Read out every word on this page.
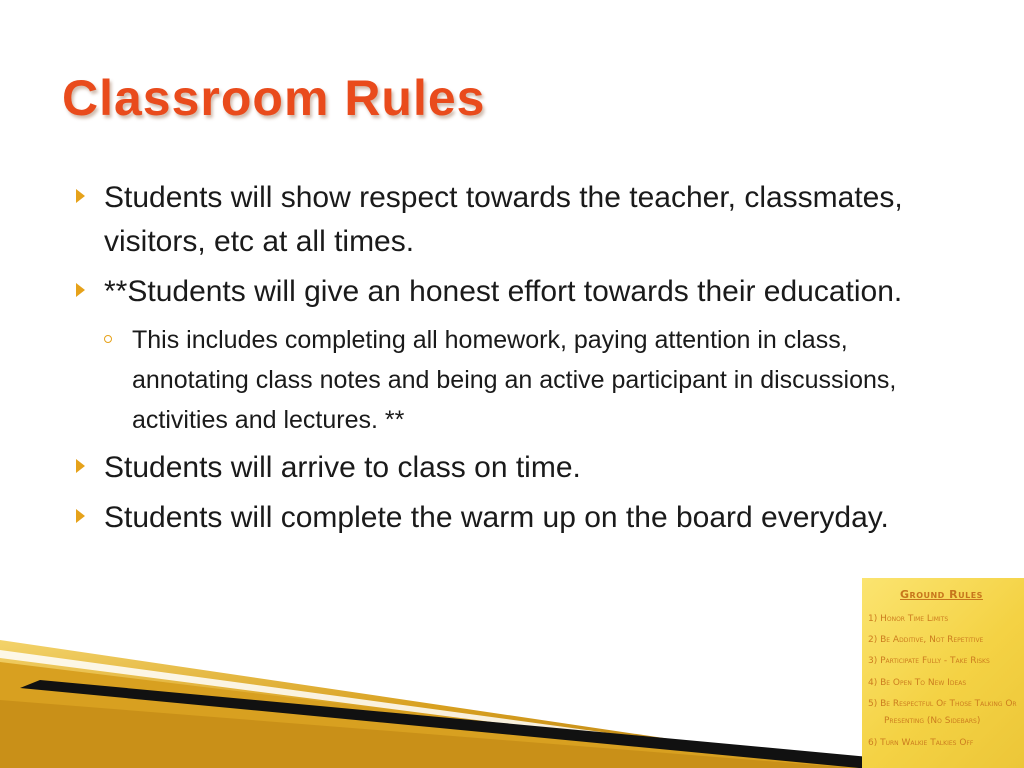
Classroom Rules
Students will show respect towards the teacher, classmates, visitors, etc at all times.
**Students will give an honest effort towards their education.
This includes completing all homework, paying attention in class, annotating class notes and being an active participant in discussions, activities and lectures. **
Students will arrive to class on time.
Students will complete the warm up on the board everyday.
Ground Rules
1) Honor Time Limits
2) Be Additive, Not Repetitive
3) Participate Fully - Take Risks
4) Be Open To New Ideas
5) Be Respectful Of Those Talking Or
Presenting (No Sidebars)
6) Turn Walkie Talkies Off
